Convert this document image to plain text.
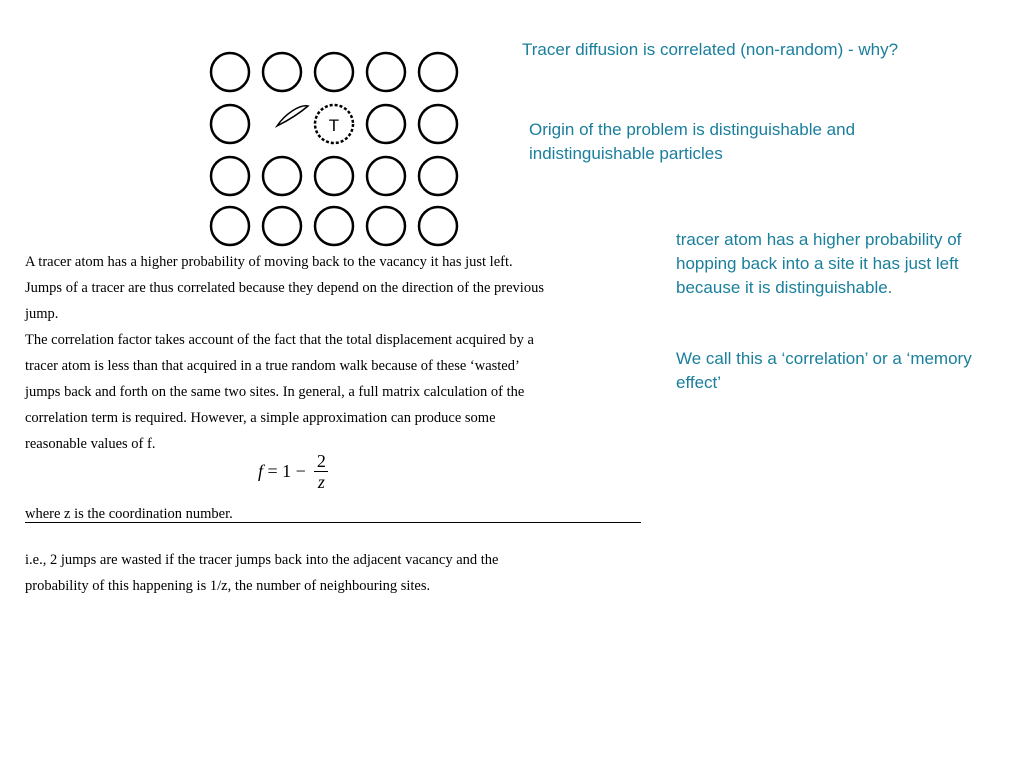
Tracer diffusion is correlated (non-random) - why?
Origin of the problem is distinguishable and indistinguishable particles
tracer atom has a higher probability of hopping back into a site it has just left because it is distinguishable.
We call this a ‘correlation’ or a ‘memory effect’
T
A tracer atom has a higher probability of moving back to the vacancy it has just left.
Jumps of a tracer are thus correlated because they depend on the direction of the previous
jump.
The correlation factor takes account of the fact that the total displacement acquired by a
tracer atom is less than that acquired in a true random walk because of these ‘wasted’
jumps back and forth on the same two sites. In general, a full matrix calculation of the
correlation term is required. However, a simple approximation can produce some
reasonable values of f.
$f = 1 - \frac{2}{z}$
where z is the coordination number.
i.e., 2 jumps are wasted if the tracer jumps back into the adjacent vacancy and the
probability of this happening is 1/z, the number of neighbouring sites.
